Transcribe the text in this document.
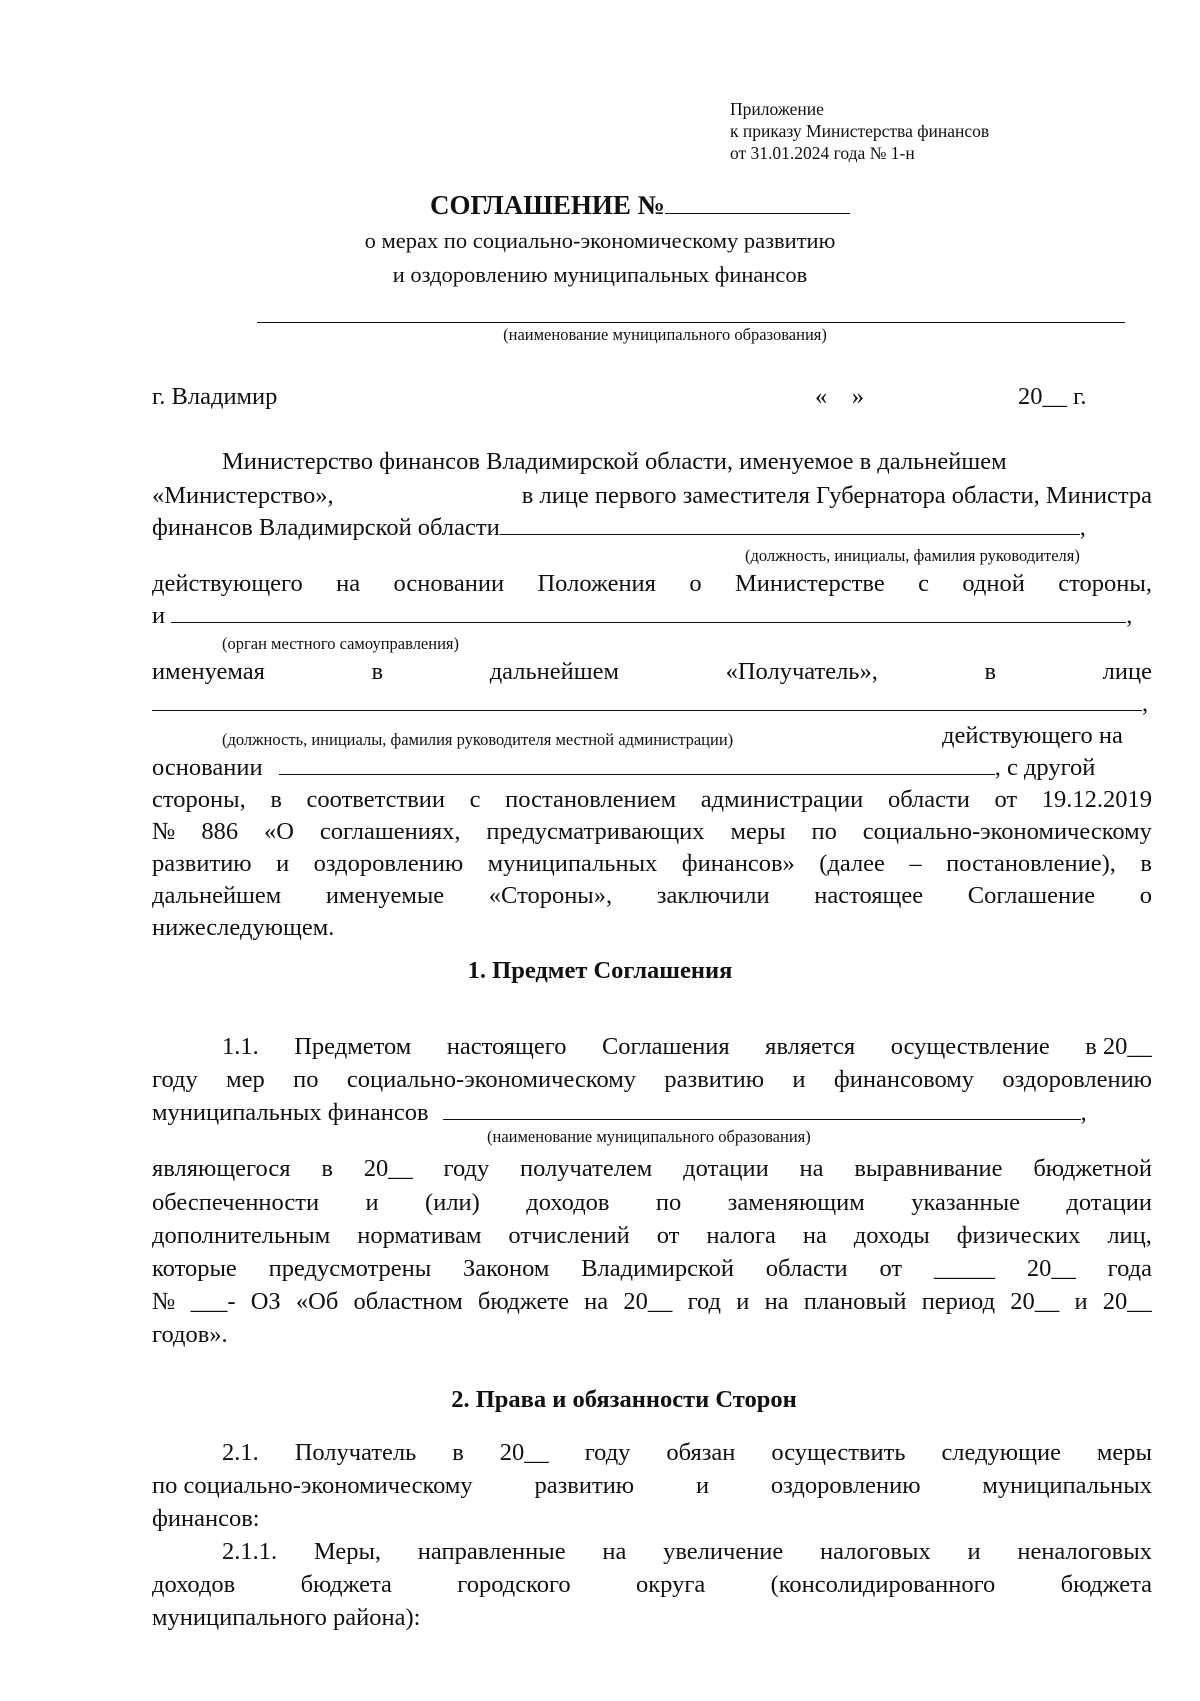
Приложение
к приказу Министерства финансов
от 31.01.2024 года № 1-н
СОГЛАШЕНИЕ №
о мерах по социально-экономическому развитию
и оздоровлению муниципальных финансов
(наименование муниципального образования)
г. Владимир	«    »	20__ г.
Министерство финансов Владимирской области, именуемое в дальнейшем
«Министерство»,	в лице первого заместителя Губернатора области, Министра
финансов Владимирской области	,
(должность, инициалы, фамилия руководителя)
действующего на основании Положения о Министерстве с одной стороны,
и	,
(орган местного самоуправления)
именуемая	в	дальнейшем	«Получатель»,	в	лице
,
(должность, инициалы, фамилия руководителя местной администрации)	действующего на
основании	, с другой
стороны, в соответствии с постановлением администрации области от 19.12.2019
№ 886 «О соглашениях, предусматривающих меры по социально-экономическому
развитию и оздоровлению муниципальных финансов» (далее – постановление), в
дальнейшем именуемые «Стороны», заключили настоящее Соглашение о
нижеследующем.
1. Предмет Соглашения
1.1. Предметом настоящего Соглашения является осуществление в 20__
году мер по социально-экономическому развитию и финансовому оздоровлению
муниципальных финансов	,
(наименование муниципального образования)
являющегося в 20__ году получателем дотации на выравнивание бюджетной
обеспеченности и (или) доходов по заменяющим указанные дотации
дополнительным нормативам отчислений от налога на доходы физических лиц,
которые предусмотрены Законом Владимирской области от _____ 20__ года
№ ___- ОЗ «Об областном бюджете на 20__ год и на плановый период 20__ и 20__
годов».
2. Права и обязанности Сторон
2.1. Получатель в 20__ году обязан осуществить следующие меры
по социально-экономическому	развитию	и	оздоровлению	муниципальных
финансов:
2.1.1. Меры, направленные на увеличение налоговых и неналоговых
доходов	бюджета	городского	округа	(консолидированного	бюджета
муниципального района):
